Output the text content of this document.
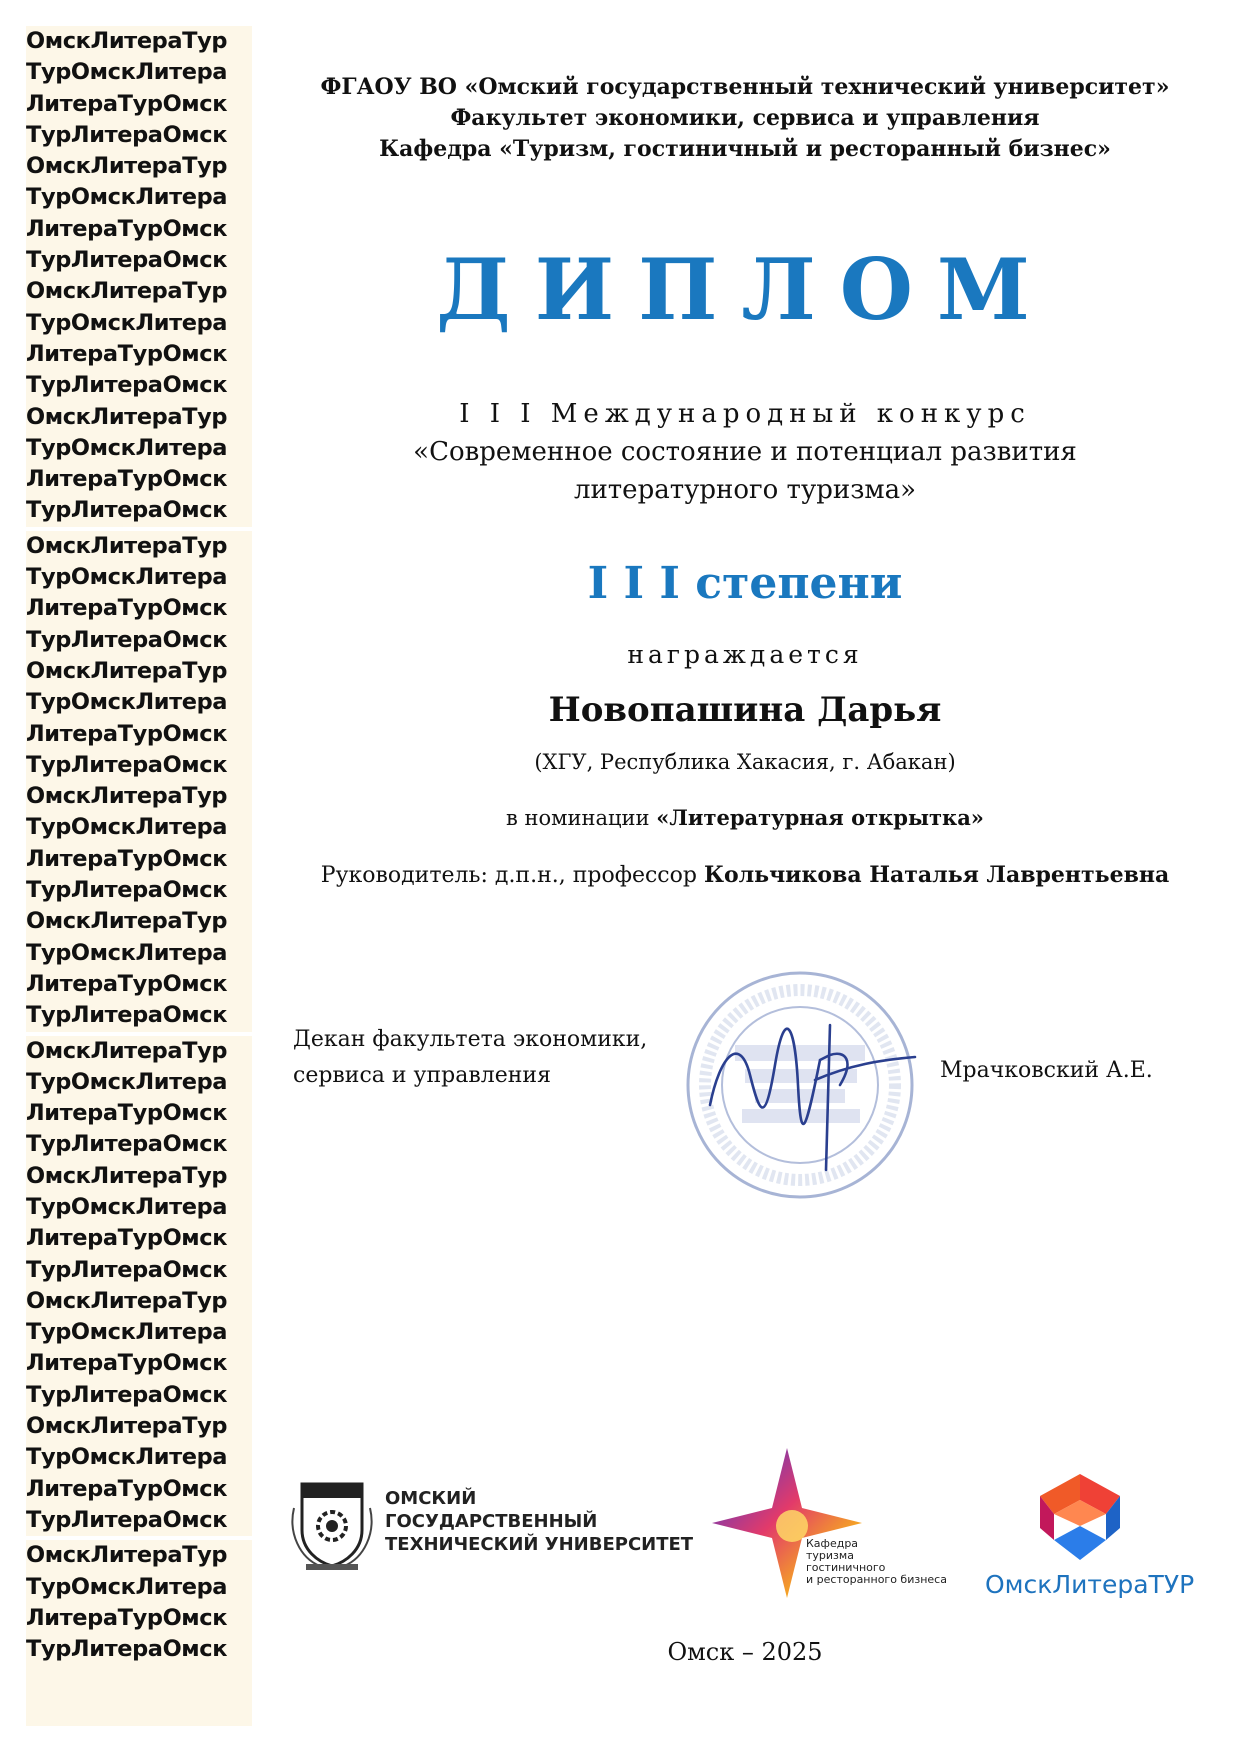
ОмскЛитераТур
ТурОмскЛитера
ЛитераТурОмск
ТурЛитераОмск
ОмскЛитераТур
ТурОмскЛитера
ЛитераТурОмск
ТурЛитераОмск
ОмскЛитераТур
ТурОмскЛитера
ЛитераТурОмск
ТурЛитераОмск
ОмскЛитераТур
ТурОмскЛитера
ЛитераТурОмск
ТурЛитераОмск
ОмскЛитераТур
ТурОмскЛитера
ЛитераТурОмск
ТурЛитераОмск
ОмскЛитераТур
ТурОмскЛитера
ЛитераТурОмск
ТурЛитераОмск
ОмскЛитераТур
ТурОмскЛитера
ЛитераТурОмск
ТурЛитераОмск
ОмскЛитераТур
ТурОмскЛитера
ЛитераТурОмск
ТурЛитераОмск
ОмскЛитераТур
ТурОмскЛитера
ЛитераТурОмск
ТурЛитераОмск
ОмскЛитераТур
ТурОмскЛитера
ЛитераТурОмск
ТурЛитераОмск
ОмскЛитераТур
ТурОмскЛитера
ЛитераТурОмск
ТурЛитераОмск
ОмскЛитераТур
ТурОмскЛитера
ЛитераТурОмск
ТурЛитераОмск
ОмскЛитераТур
ТурОмскЛитера
ЛитераТурОмск
ТурЛитераОмск
ФГАОУ ВО «Омский государственный технический университет»
Факультет экономики, сервиса и управления
Кафедра «Туризм, гостиничный и ресторанный бизнес»
ДИПЛОМ
I I I Международный конкурс
«Современное состояние и потенциал развития
литературного туризма»
I I I степени
награждается
Новопашина Дарья
(ХГУ, Республика Хакасия, г. Абакан)
в номинации «Литературная открытка»
Руководитель: д.п.н., профессор Кольчикова Наталья Лаврентьевна
Декан факультета экономики,
сервиса и управления	Мрачковский А.Е.
ОМСКИЙ
ГОСУДАРСТВЕННЫЙ
ТЕХНИЧЕСКИЙ УНИВЕРСИТЕТ	Кафедра
туризма
гостиничного
и ресторанного бизнеса ОмскЛитераТУР
Омск – 2025
